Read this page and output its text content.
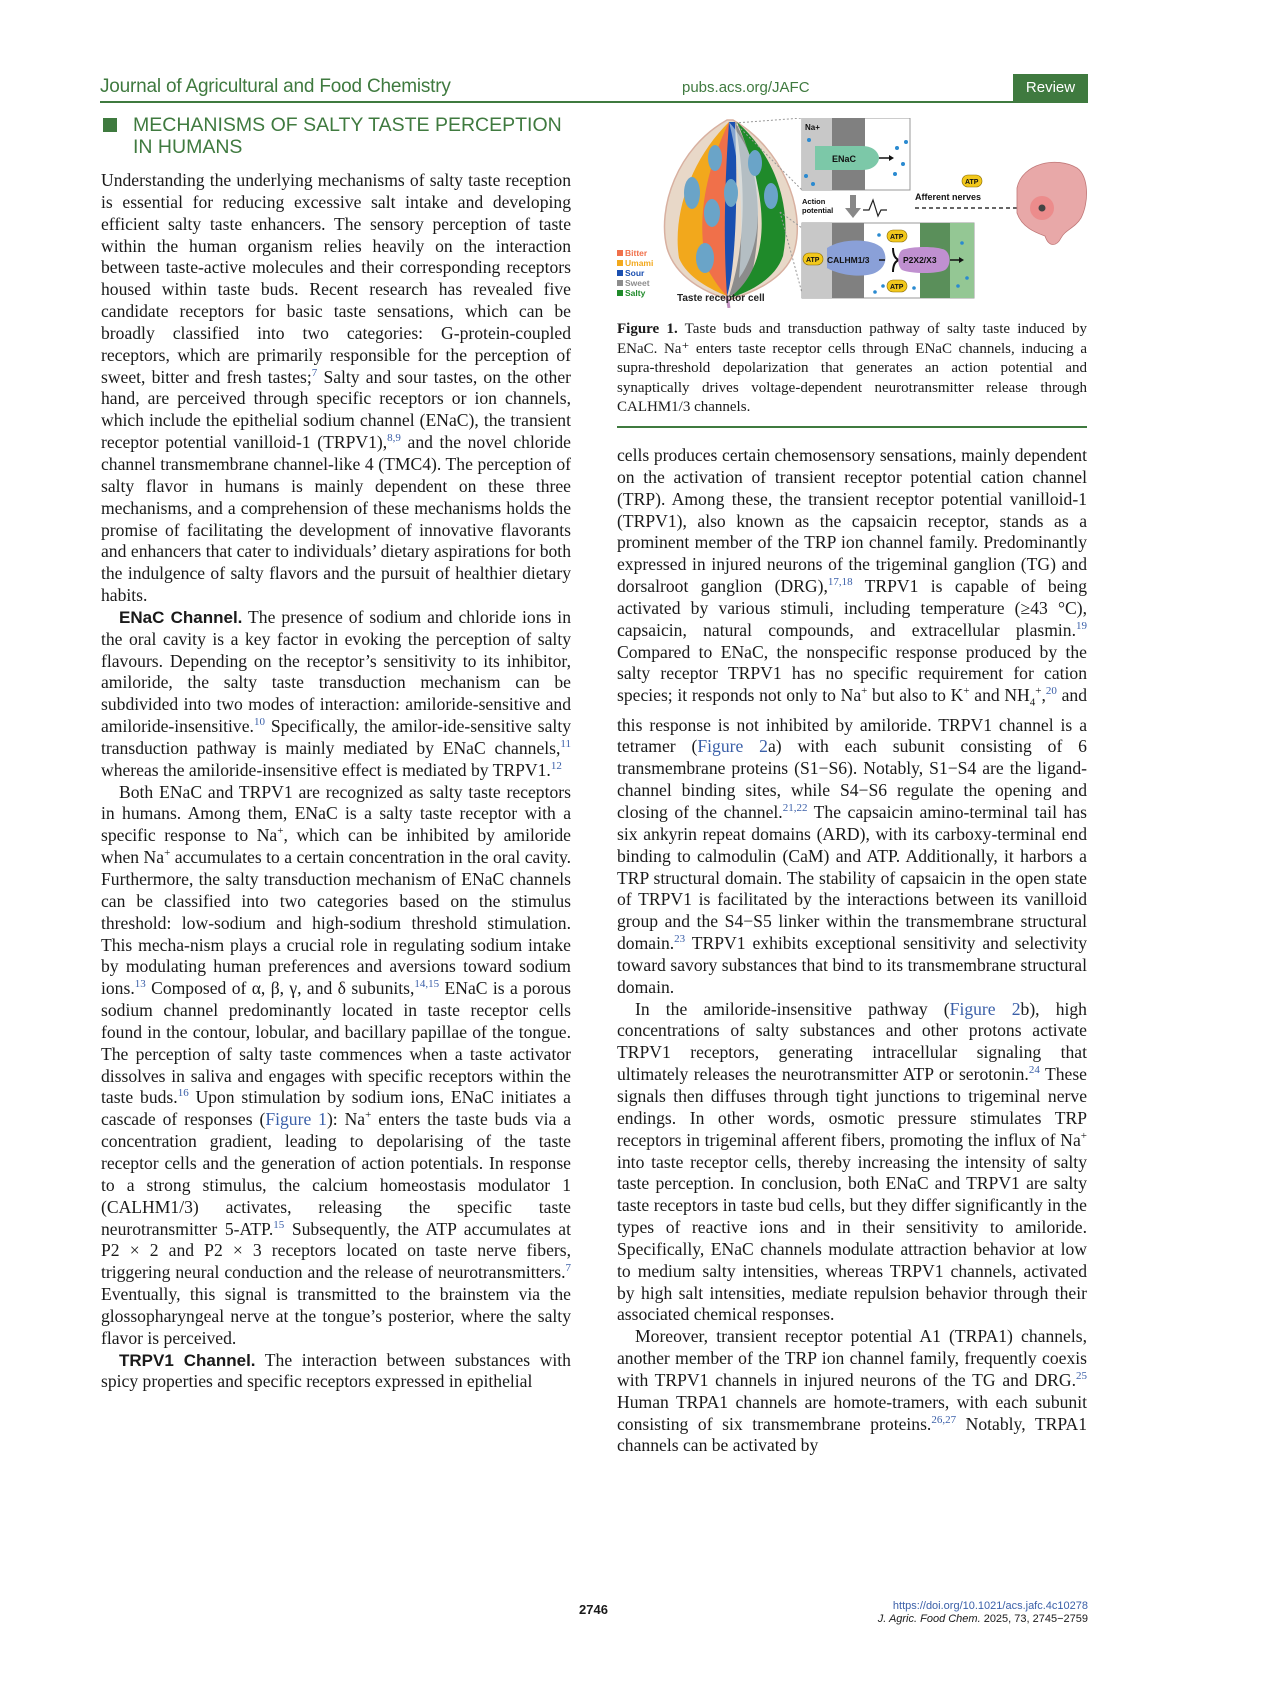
Journal of Agricultural and Food Chemistry	pubs.acs.org/JAFC	Review
MECHANISMS OF SALTY TASTE PERCEPTION IN HUMANS

Understanding the underlying mechanisms of salty taste reception is essential for reducing excessive salt intake and developing efficient salty taste enhancers. The sensory perception of taste within the human organism relies heavily on the interaction between taste-active molecules and their corresponding receptors housed within taste buds. Recent research has revealed five candidate receptors for basic taste sensations, which can be broadly classified into two categories: G-protein-coupled receptors, which are primarily responsible for the perception of sweet, bitter and fresh tastes;$^7$ Salty and sour tastes, on the other hand, are perceived through specific receptors or ion channels, which include the epithelial sodium channel (ENaC), the transient receptor potential vanilloid-1 (TRPV1),$^{8,9}$ and the novel chloride channel transmembrane channel-like 4 (TMC4). The perception of salty flavor in humans is mainly dependent on these three mechanisms, and a comprehension of these mechanisms holds the promise of facilitating the development of innovative flavorants and enhancers that cater to individuals’ dietary aspirations for both the indulgence of salty flavors and the pursuit of healthier dietary habits.

ENaC Channel. The presence of sodium and chloride ions in the oral cavity is a key factor in evoking the perception of salty flavours. Depending on the receptor’s sensitivity to its inhibitor, amiloride, the salty taste transduction mechanism can be subdivided into two modes of interaction: amiloride-sensitive and amiloride-insensitive.$^{10}$ Specifically, the amilor-ide-sensitive salty transduction pathway is mainly mediated by ENaC channels,$^{11}$ whereas the amiloride-insensitive effect is mediated by TRPV1.12

Both ENaC and TRPV1 are recognized as salty taste receptors in humans. Among them, ENaC is a salty taste receptor with a specific response to Na+, which can be inhibited by amiloride when Na+ accumulates to a certain concentration in the oral cavity. Furthermore, the salty transduction mechanism of ENaC channels can be classified into two categories based on the stimulus threshold: low-sodium and high-sodium threshold stimulation. This mecha-nism plays a crucial role in regulating sodium intake by modulating human preferences and aversions toward sodium ions.$^{13}$ Composed of α, β, γ, and δ subunits,$^{14,15}$ ENaC is a porous sodium channel predominantly located in taste receptor cells found in the contour, lobular, and bacillary papillae of the tongue. The perception of salty taste commences when a taste activator dissolves in saliva and engages with specific receptors within the taste buds.$^{16}$ Upon stimulation by sodium ions, ENaC initiates a cascade of responses (Figure 1): Na+ enters the taste buds via a concentration gradient, leading to depolarising of the taste receptor cells and the generation of action potentials. In response to a strong stimulus, the calcium homeostasis modulator 1 (CALHM1/3) activates, releasing the specific taste neurotransmitter 5-ATP.$^{15}$ Subsequently, the ATP accumulates at P2 × 2 and P2 × 3 receptors located on taste nerve fibers, triggering neural conduction and the release of neurotransmitters.$^7$ Eventually, this signal is transmitted to the brainstem via the glossopharyngeal nerve at the tongue’s posterior, where the salty flavor is perceived.

TRPV1 Channel. The interaction between substances with spicy properties and specific receptors expressed in epithelial

Bitter
Umami
Sour
Sweet
Salty	Taste receptor cell
Na+
ENaC
Action
potential
CALHM1/3
ATP	P2X2/X3
ATP
ATP
ATP
Afferent nerves
Figure 1. Taste buds and transduction pathway of salty taste induced by ENaC. Na⁺ enters taste receptor cells through ENaC channels, inducing a supra-threshold depolarization that generates an action potential and synaptically drives voltage-dependent neurotransmitter release through CALHM1/3 channels.

cells produces certain chemosensory sensations, mainly dependent on the activation of transient receptor potential cation channel (TRP). Among these, the transient receptor potential vanilloid-1 (TRPV1), also known as the capsaicin receptor, stands as a prominent member of the TRP ion channel family. Predominantly expressed in injured neurons of the trigeminal ganglion (TG) and dorsalroot ganglion (DRG),$^{17,18}$ TRPV1 is capable of being activated by various stimuli, including temperature (≥43 °C), capsaicin, natural compounds, and extracellular plasmin.$^{19}$ Compared to ENaC, the nonspecific response produced by the salty receptor TRPV1 has no specific requirement for cation species; it responds not only to Na+ but also to K+ and $NH_4^+,^{20}$ and this response is not inhibited by amiloride. TRPV1 channel is a tetramer (Figure 2a) with each subunit consisting of 6 transmembrane proteins (S1−S6). Notably, S1−S4 are the ligand-channel binding sites, while S4−S6 regulate the opening and closing of the channel.$^{21,22}$ The capsaicin amino-terminal tail has six ankyrin repeat domains (ARD), with its carboxy-terminal end binding to calmodulin (CaM) and ATP. Additionally, it harbors a TRP structural domain. The stability of capsaicin in the open state of TRPV1 is facilitated by the interactions between its vanilloid group and the S4−S5 linker within the transmembrane structural domain.$^{23}$ TRPV1 exhibits exceptional sensitivity and selectivity toward savory substances that bind to its transmembrane structural domain.

In the amiloride-insensitive pathway (Figure 2b), high concentrations of salty substances and other protons activate TRPV1 receptors, generating intracellular signaling that ultimately releases the neurotransmitter ATP or serotonin.$^{24}$ These signals then diffuses through tight junctions to trigeminal nerve endings. In other words, osmotic pressure stimulates TRP receptors in trigeminal afferent fibers, promoting the influx of Na+ into taste receptor cells, thereby increasing the intensity of salty taste perception. In conclusion, both ENaC and TRPV1 are salty taste receptors in taste bud cells, but they differ significantly in the types of reactive ions and in their sensitivity to amiloride. Specifically, ENaC channels modulate attraction behavior at low to medium salty intensities, whereas TRPV1 channels, activated by high salt intensities, mediate repulsion behavior through their associated chemical responses.

Moreover, transient receptor potential A1 (TRPA1) channels, another member of the TRP ion channel family, frequently coexis with TRPV1 channels in injured neurons of the TG and DRG.$^{25}$ Human TRPA1 channels are homote-tramers, with each subunit consisting of six transmembrane proteins.$^{26,27}$ Notably, TRPA1 channels can be activated by

2746	https://doi.org/10.1021/acs.jafc.4c10278
J. Agric. Food Chem. 2025, 73, 2745−2759
